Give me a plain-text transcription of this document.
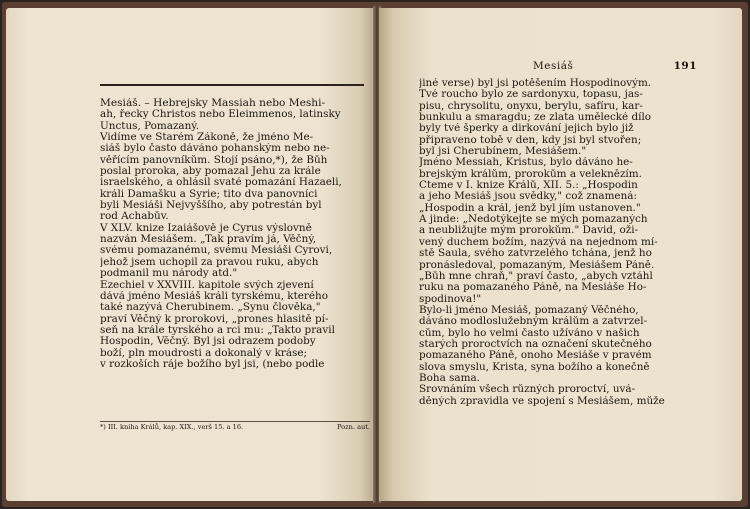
Mesiáš. – Hebrejsky Massiah nebo Meshi-
ah, řecky Christos nebo Eleimmenos, latinsky
Unctus, Pomazaný.
Vidíme ve Starém Zákoně, že jméno Me-
siáš bylo často dáváno pohanským nebo ne-
věřícím panovníkům. Stojí psáno,*), že Bůh
poslal proroka, aby pomazal Jehu za krále
israelského, a ohlásil svaté pomazání Hazaeli,
králi Damašku a Syrie; tito dva panovníci
byli Mesiáši Nejvyššího, aby potrestán byl
rod Achabův.
V XLV. knize Izaiášově je Cyrus výslovně
nazván Mesiášem. „Tak pravím já, Věčný,
svému pomazanému, svému Mesiáši Cyrovi,
jehož jsem uchopil za pravou ruku, abych
podmanil mu národy atd."
Ezechiel v XXVIII. kapitole svých zjevení
dává jméno Mesiáš králi tyrskému, kterého
také nazývá Cherubinem. „Synu člověka,"
praví Věčný k prorokovi, „prones hlasitě pí-
seň na krále tyrského a rci mu: „Takto pravil
Hospodin, Věčný. Byl jsi odrazem podoby
boží, pln moudrosti a dokonalý v kráse;
v rozkoších ráje božího byl jsi, (nebo podle
*) III. kniha Králů, kap. XIX., verš 15. a 16.	Pozn. aut.
Mesiáš	191
jiné verse) byl jsi potěšením Hospodinovým.
Tvé roucho bylo ze sardonyxu, topasu, jas-
pisu, chrysolitu, onyxu, berylu, safíru, kar-
bunkulu a smaragdu; ze zlata umělecké dílo
byly tvé šperky a dirkování jejich bylo již
připraveno tobě v den, kdy jsi byl stvořen;
byl jsi Cherubínem, Mesiášem."
Jméno Messiah, Kristus, bylo dáváno he-
brejským králům, prorokům a veleknězím.
Čteme v I. knize Králů, XII. 5.: „Hospodin
a jeho Mesiáš jsou svědky," což znamená:
„Hospodin a král, jenž byl jím ustanoven."
A jinde: „Nedotýkejte se mých pomazaných
a neubližujte mým prorokům." David, oži-
vený duchem božím, nazývá na nejednom mí-
stě Saula, svého zatvrzelého tchána, jenž ho
pronásledoval, pomazaným, Mesiášem Páně.
„Bůh mne chraň," praví často, „abych vztáhl
ruku na pomazaného Páně, na Mesiáše Ho-
spodinova!"
Bylo-li jméno Mesiáš, pomazaný Věčného,
dáváno modloslužebným králům a zatvrzel-
cům, bylo ho velmi často užíváno v našich
starých proroctvích na označení skutečného
pomazaného Páně, onoho Mesiáše v pravém
slova smyslu, Krista, syna božího a konečně
Boha sama.
Srovnáním všech různých proroctví, uvá-
děných zpravidla ve spojení s Mesiášem, může
